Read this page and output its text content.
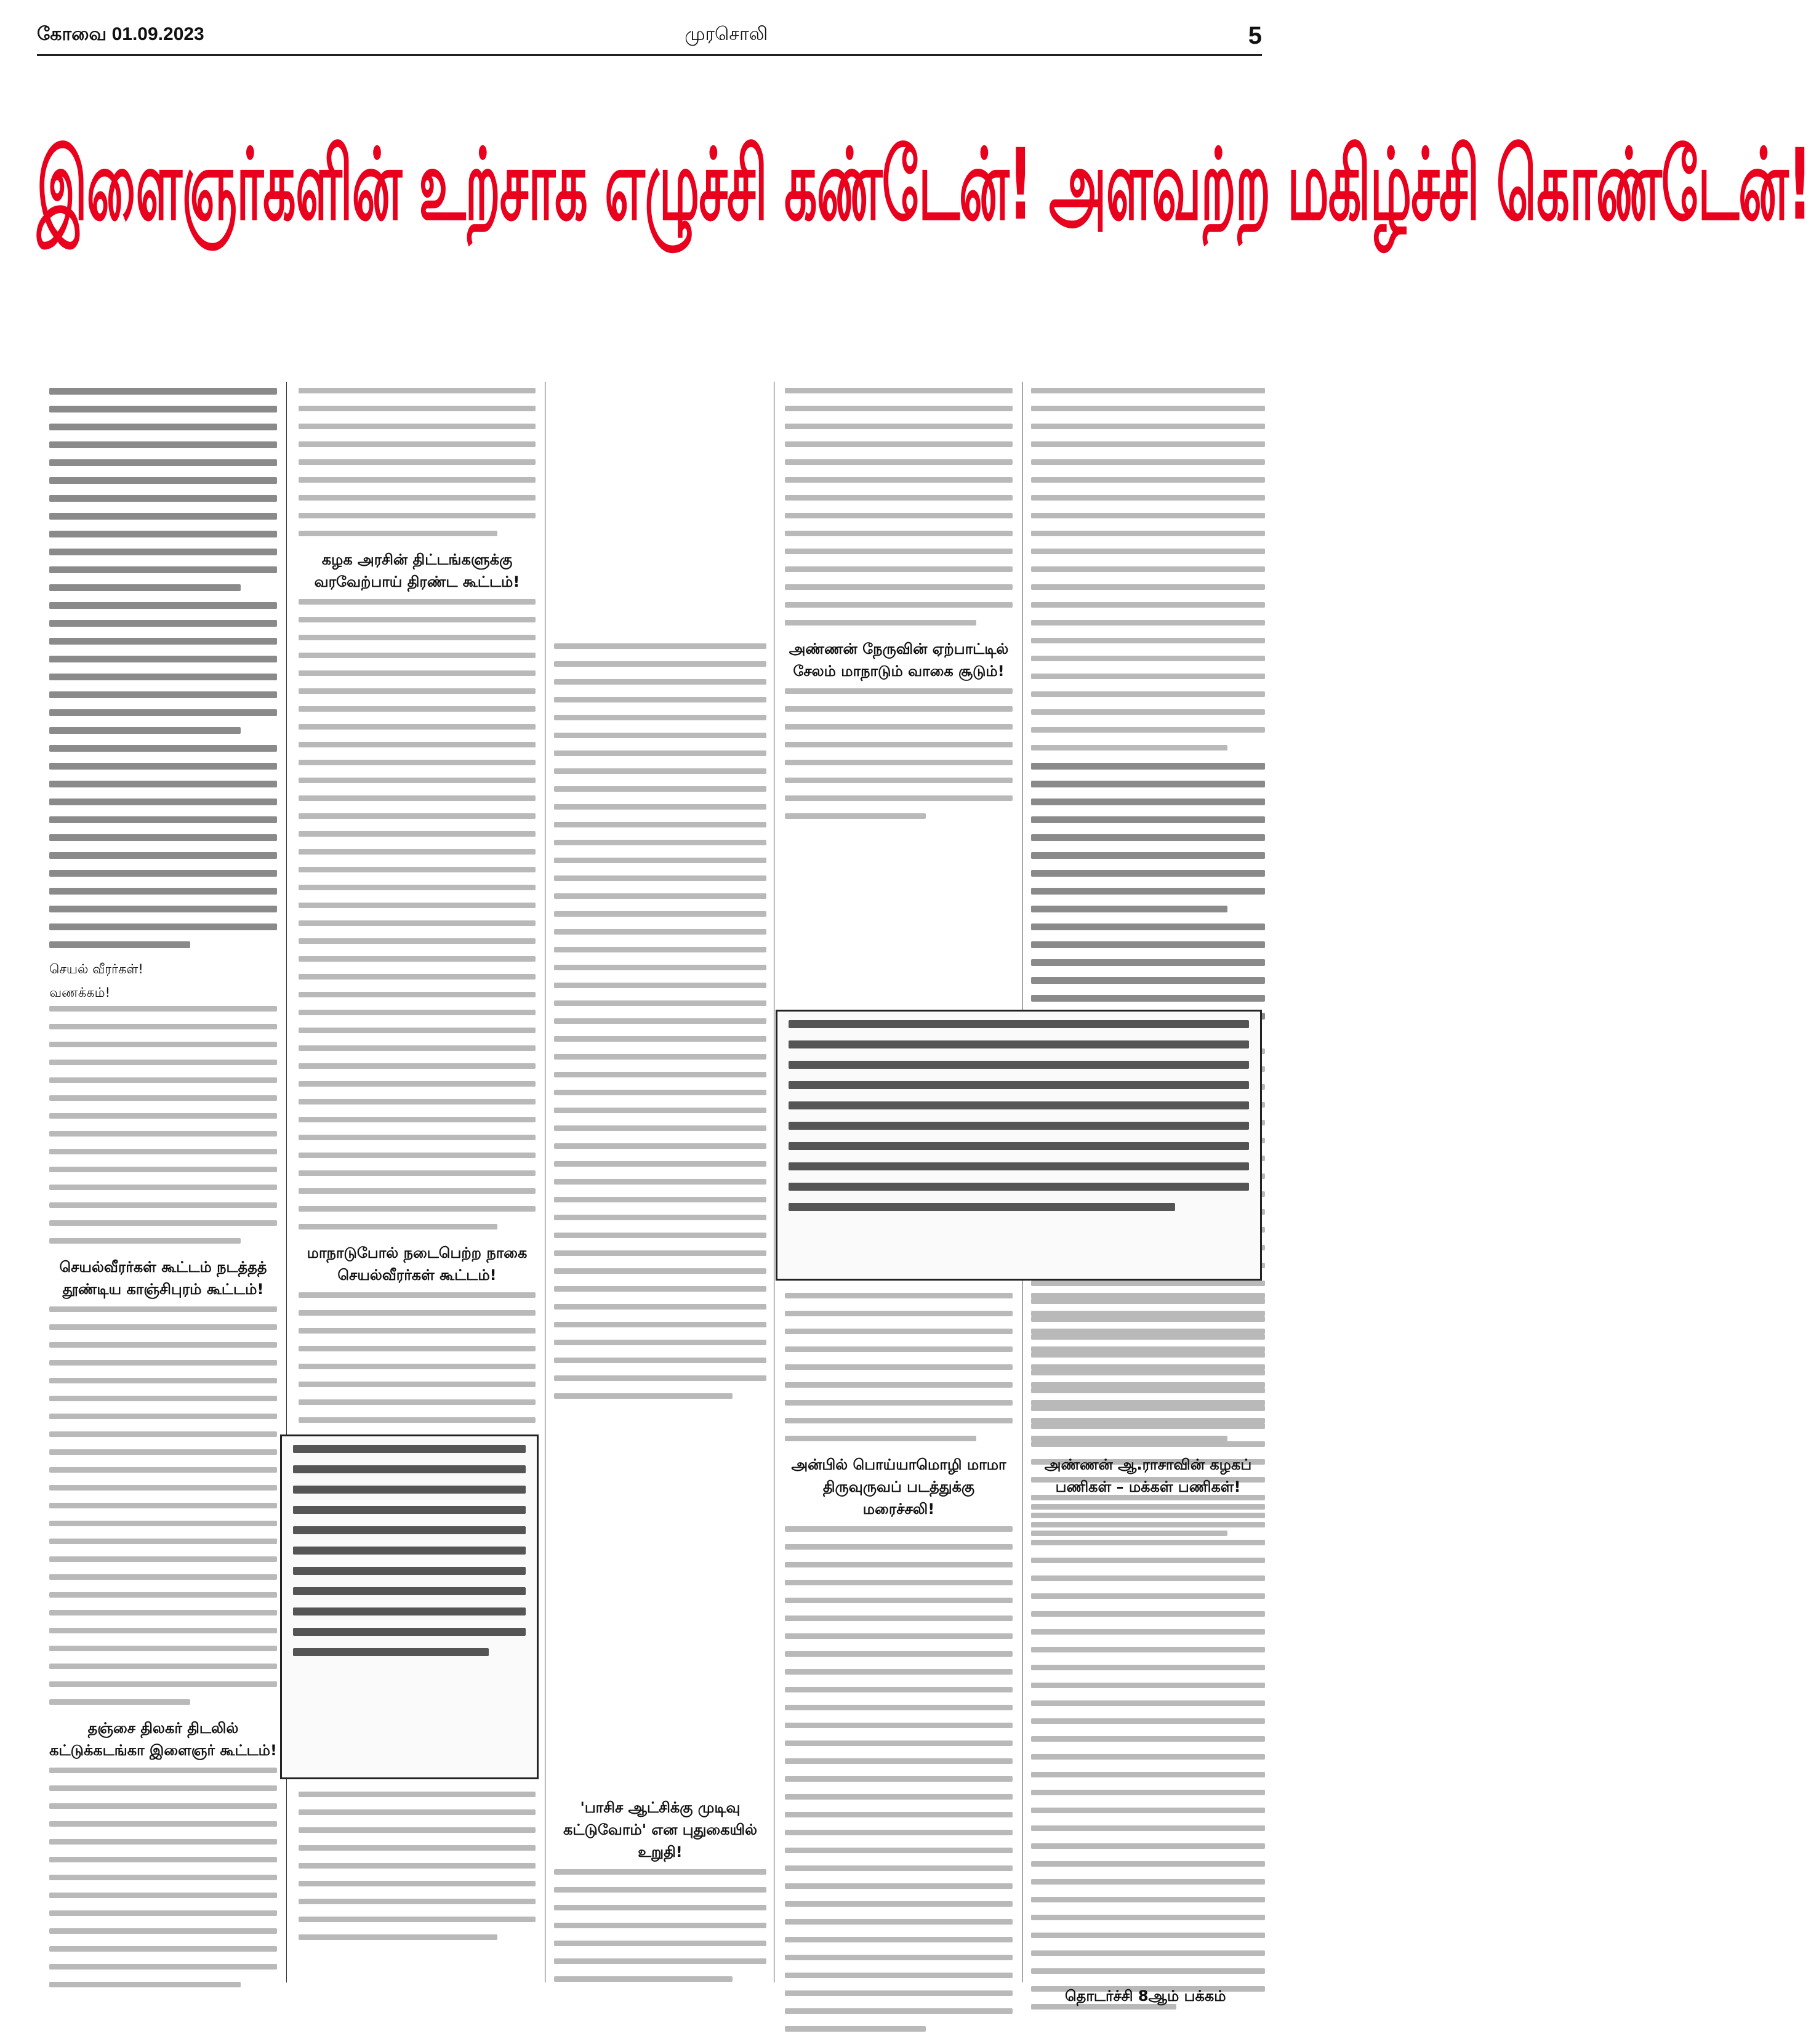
கோவை 01.09.2023	முரசொலி	5
இளைஞர்களின் உற்சாக எழுச்சி கண்டேன்! அளவற்ற மகிழ்ச்சி கொண்டேன்!
செயல் வீரர்கள்!
வணக்கம்!
செயல்வீரர்கள் கூட்டம் நடத்தத் தூண்டிய காஞ்சிபுரம் கூட்டம்!
தஞ்சை திலகர் திடலில் கட்டுக்கடங்கா இளைஞர் கூட்டம்!
கழக அரசின் திட்டங்களுக்கு வரவேற்பாய் திரண்ட கூட்டம்!
மாநாடுபோல் நடைபெற்ற நாகை செயல்வீரர்கள் கூட்டம்!
அண்ணன் நேருவின் ஏற்பாட்டில் சேலம் மாநாடும் வாகை சூடும்!
அன்பில் பொய்யாமொழி மாமா திருவுருவப் படத்துக்கு மரைச்சலி!
அண்ணன் ஆ.ராசாவின் கழகப் பணிகள் – மக்கள் பணிகள்!
தொடர்ச்சி 8ஆம் பக்கம்
'பாசிச ஆட்சிக்கு முடிவு கட்டுவோம்' என புதுகையில் உறுதி!
